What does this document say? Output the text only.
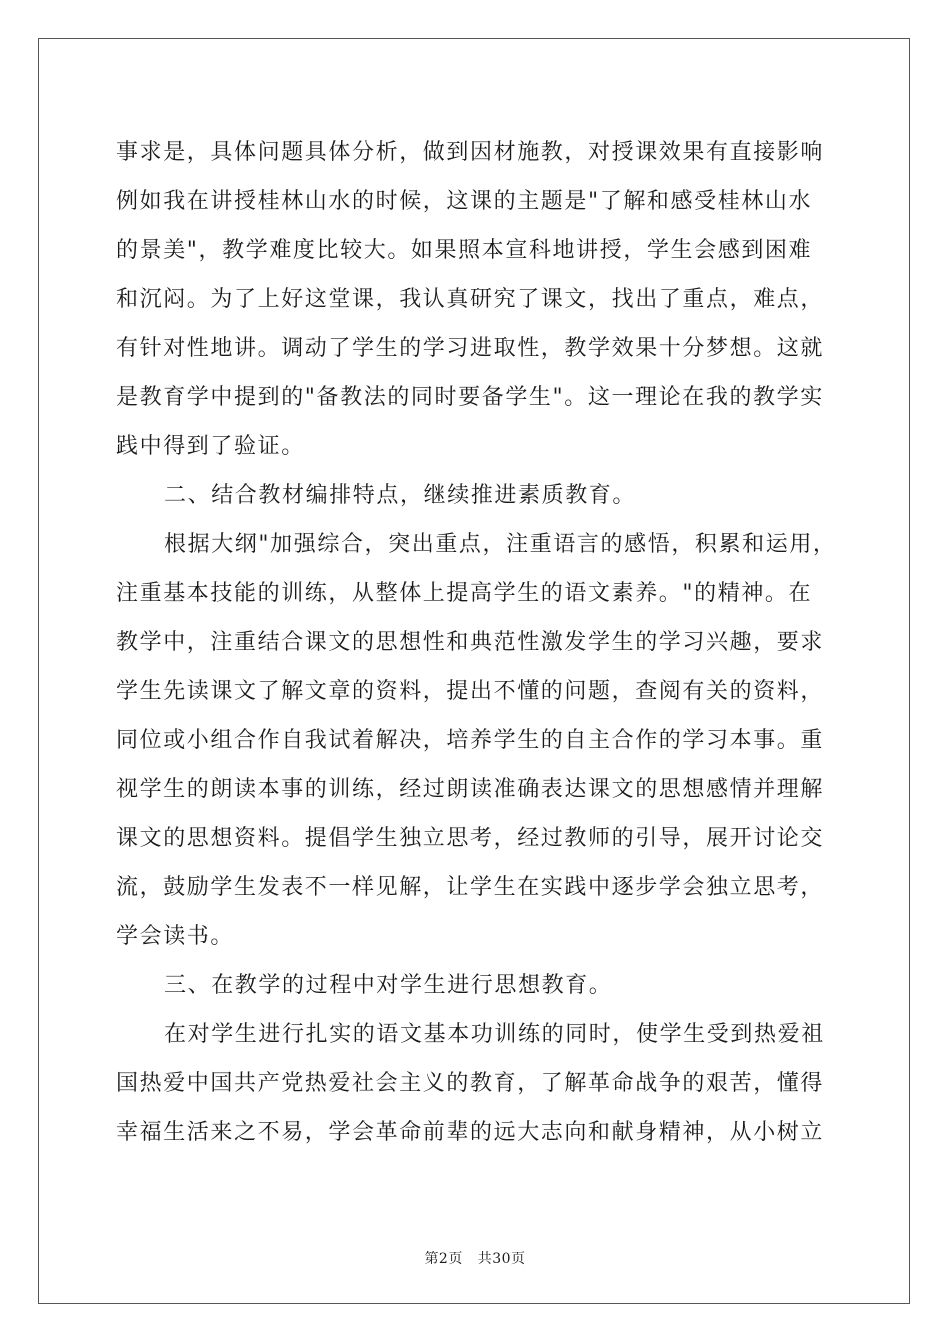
事求是，具体问题具体分析，做到因材施教，对授课效果有直接影响
例如我在讲授桂林山水的时候，这课的主题是"了解和感受桂林山水
的景美"，教学难度比较大。如果照本宣科地讲授，学生会感到困难
和沉闷。为了上好这堂课，我认真研究了课文，找出了重点，难点，
有针对性地讲。调动了学生的学习进取性，教学效果十分梦想。这就
是教育学中提到的"备教法的同时要备学生"。这一理论在我的教学实
践中得到了验证。
二、结合教材编排特点，继续推进素质教育。
根据大纲"加强综合，突出重点，注重语言的感悟，积累和运用，
注重基本技能的训练，从整体上提高学生的语文素养。"的精神。在
教学中，注重结合课文的思想性和典范性激发学生的学习兴趣，要求
学生先读课文了解文章的资料，提出不懂的问题，查阅有关的资料，
同位或小组合作自我试着解决，培养学生的自主合作的学习本事。重
视学生的朗读本事的训练，经过朗读准确表达课文的思想感情并理解
课文的思想资料。提倡学生独立思考，经过教师的引导，展开讨论交
流，鼓励学生发表不一样见解，让学生在实践中逐步学会独立思考，
学会读书。
三、在教学的过程中对学生进行思想教育。
在对学生进行扎实的语文基本功训练的同时，使学生受到热爱祖
国热爱中国共产党热爱社会主义的教育，了解革命战争的艰苦，懂得
幸福生活来之不易，学会革命前辈的远大志向和献身精神，从小树立
第2页 共30页
